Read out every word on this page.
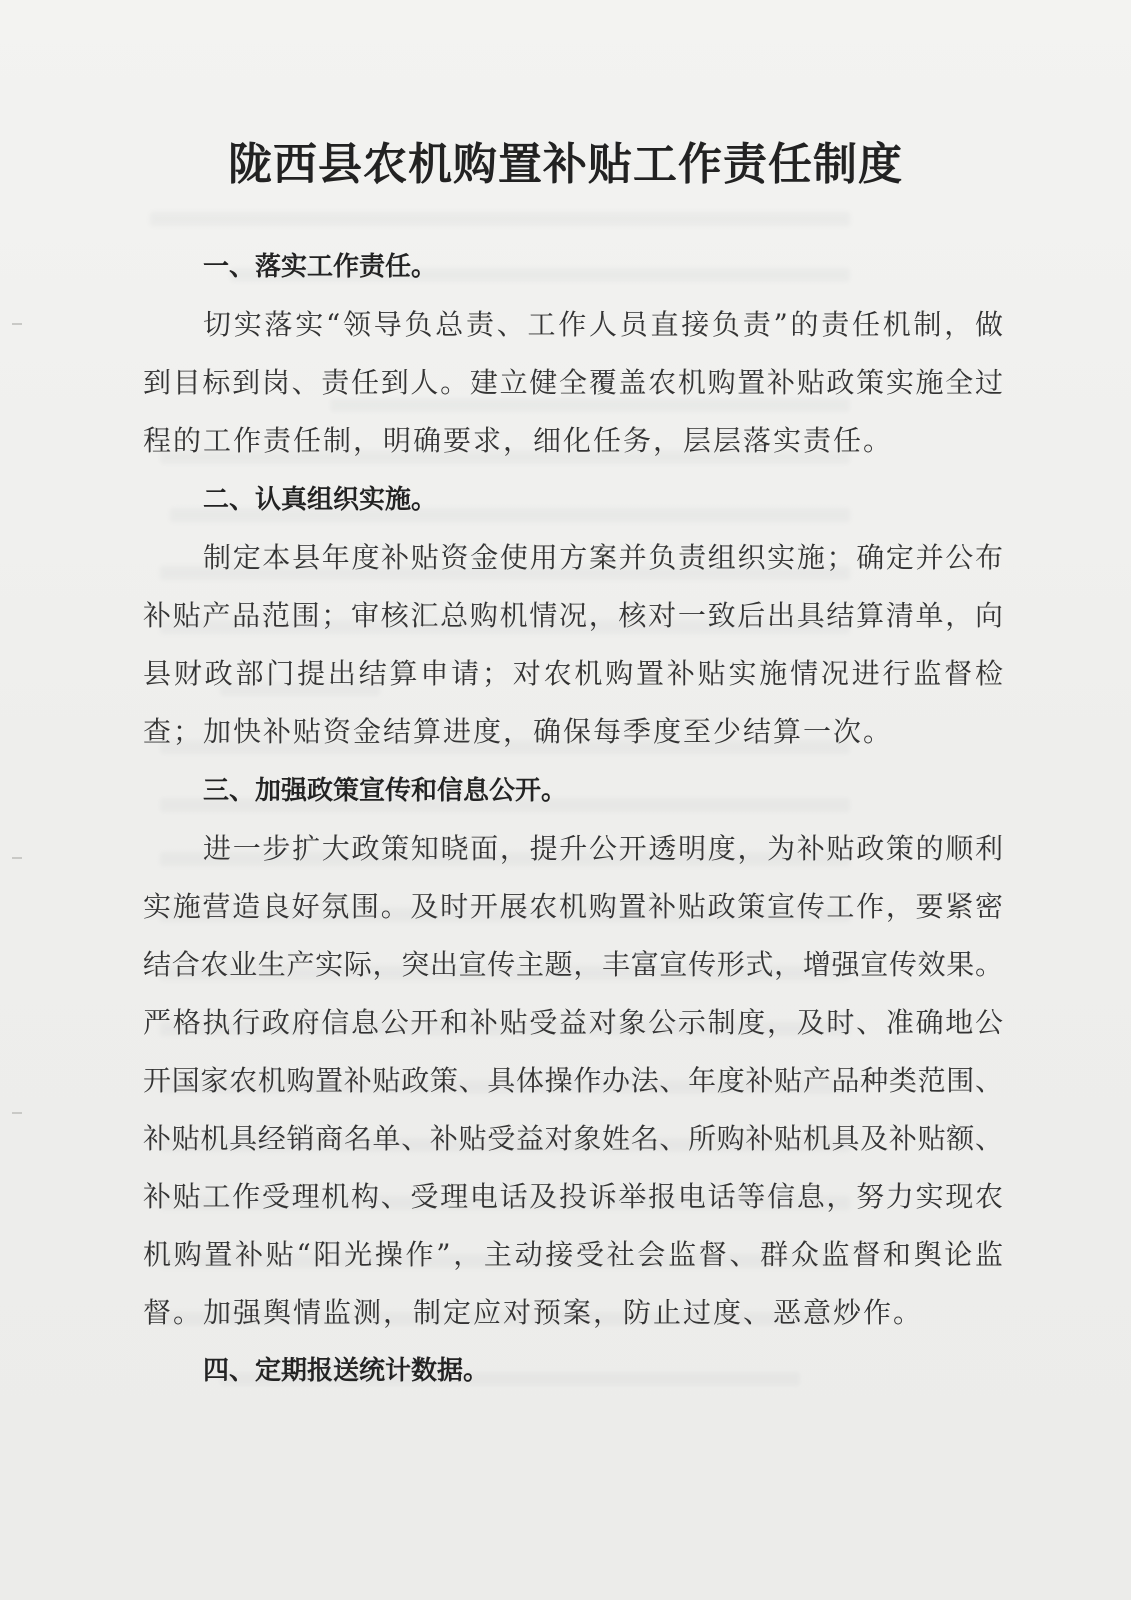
陇西县农机购置补贴工作责任制度
一、落实工作责任。
切实落实“领导负总责、工作人员直接负责”的责任机制，做
到目标到岗、责任到人。建立健全覆盖农机购置补贴政策实施全过
程的工作责任制，明确要求，细化任务，层层落实责任。
二、认真组织实施。
制定本县年度补贴资金使用方案并负责组织实施；确定并公布
补贴产品范围；审核汇总购机情况，核对一致后出具结算清单，向
县财政部门提出结算申请；对农机购置补贴实施情况进行监督检
查；加快补贴资金结算进度，确保每季度至少结算一次。
三、加强政策宣传和信息公开。
进一步扩大政策知晓面，提升公开透明度，为补贴政策的顺利
实施营造良好氛围。及时开展农机购置补贴政策宣传工作，要紧密
结合农业生产实际，突出宣传主题，丰富宣传形式，增强宣传效果。
严格执行政府信息公开和补贴受益对象公示制度，及时、准确地公
开国家农机购置补贴政策、具体操作办法、年度补贴产品种类范围、
补贴机具经销商名单、补贴受益对象姓名、所购补贴机具及补贴额、
补贴工作受理机构、受理电话及投诉举报电话等信息，努力实现农
机购置补贴“阳光操作”，主动接受社会监督、群众监督和舆论监
督。加强舆情监测，制定应对预案，防止过度、恶意炒作。
四、定期报送统计数据。
